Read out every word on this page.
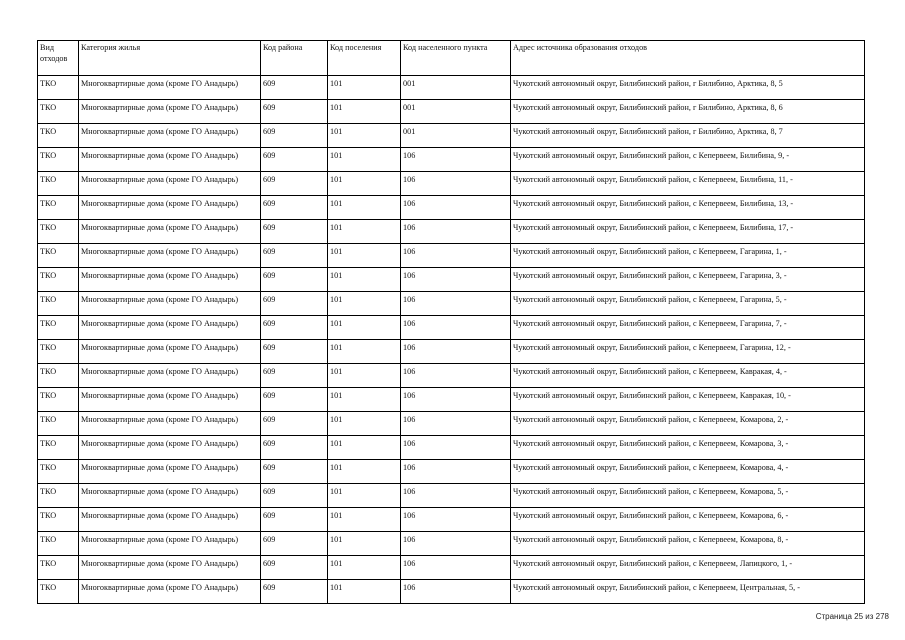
Вид отходов	Категория жилья	Код района	Код поселения	Код населенного пункта	Адрес источника образования отходов
ТКО	Многоквартирные дома (кроме ГО Анадырь)	609	101	001	Чукотский автономный округ, Билибинский район, г Билибино, Арктика, 8, 5
ТКО	Многоквартирные дома (кроме ГО Анадырь)	609	101	001	Чукотский автономный округ, Билибинский район, г Билибино, Арктика, 8, 6
ТКО	Многоквартирные дома (кроме ГО Анадырь)	609	101	001	Чукотский автономный округ, Билибинский район, г Билибино, Арктика, 8, 7
ТКО	Многоквартирные дома (кроме ГО Анадырь)	609	101	106	Чукотский автономный округ, Билибинский район, с Кепервеем, Билибина, 9, -
ТКО	Многоквартирные дома (кроме ГО Анадырь)	609	101	106	Чукотский автономный округ, Билибинский район, с Кепервеем, Билибина, 11, -
ТКО	Многоквартирные дома (кроме ГО Анадырь)	609	101	106	Чукотский автономный округ, Билибинский район, с Кепервеем, Билибина, 13, -
ТКО	Многоквартирные дома (кроме ГО Анадырь)	609	101	106	Чукотский автономный округ, Билибинский район, с Кепервеем, Билибина, 17, -
ТКО	Многоквартирные дома (кроме ГО Анадырь)	609	101	106	Чукотский автономный округ, Билибинский район, с Кепервеем, Гагарина, 1, -
ТКО	Многоквартирные дома (кроме ГО Анадырь)	609	101	106	Чукотский автономный округ, Билибинский район, с Кепервеем, Гагарина, 3, -
ТКО	Многоквартирные дома (кроме ГО Анадырь)	609	101	106	Чукотский автономный округ, Билибинский район, с Кепервеем, Гагарина, 5, -
ТКО	Многоквартирные дома (кроме ГО Анадырь)	609	101	106	Чукотский автономный округ, Билибинский район, с Кепервеем, Гагарина, 7, -
ТКО	Многоквартирные дома (кроме ГО Анадырь)	609	101	106	Чукотский автономный округ, Билибинский район, с Кепервеем, Гагарина, 12, -
ТКО	Многоквартирные дома (кроме ГО Анадырь)	609	101	106	Чукотский автономный округ, Билибинский район, с Кепервеем, Кавракая, 4, -
ТКО	Многоквартирные дома (кроме ГО Анадырь)	609	101	106	Чукотский автономный округ, Билибинский район, с Кепервеем, Кавракая, 10, -
ТКО	Многоквартирные дома (кроме ГО Анадырь)	609	101	106	Чукотский автономный округ, Билибинский район, с Кепервеем, Комарова, 2, -
ТКО	Многоквартирные дома (кроме ГО Анадырь)	609	101	106	Чукотский автономный округ, Билибинский район, с Кепервеем, Комарова, 3, -
ТКО	Многоквартирные дома (кроме ГО Анадырь)	609	101	106	Чукотский автономный округ, Билибинский район, с Кепервеем, Комарова, 4, -
ТКО	Многоквартирные дома (кроме ГО Анадырь)	609	101	106	Чукотский автономный округ, Билибинский район, с Кепервеем, Комарова, 5, -
ТКО	Многоквартирные дома (кроме ГО Анадырь)	609	101	106	Чукотский автономный округ, Билибинский район, с Кепервеем, Комарова, 6, -
ТКО	Многоквартирные дома (кроме ГО Анадырь)	609	101	106	Чукотский автономный округ, Билибинский район, с Кепервеем, Комарова, 8, -
ТКО	Многоквартирные дома (кроме ГО Анадырь)	609	101	106	Чукотский автономный округ, Билибинский район, с Кепервеем, Лапицкого, 1, -
ТКО	Многоквартирные дома (кроме ГО Анадырь)	609	101	106	Чукотский автономный округ, Билибинский район, с Кепервеем, Центральная, 5, -
Страница 25 из 278
